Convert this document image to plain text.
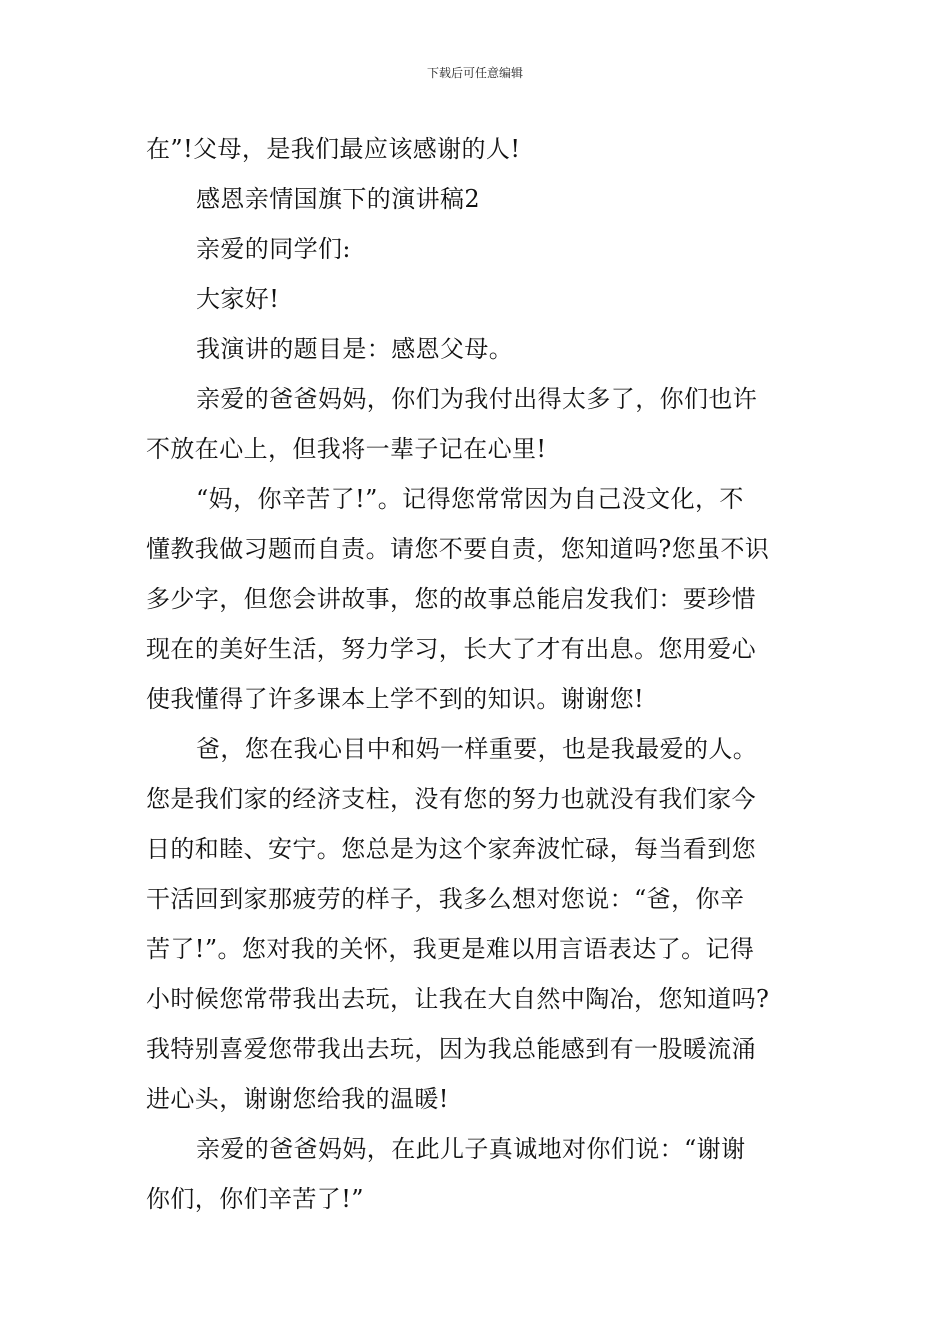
下载后可任意编辑
在”!父母，是我们最应该感谢的人!
感恩亲情国旗下的演讲稿2
亲爱的同学们:
大家好!
我演讲的题目是：感恩父母。
亲爱的爸爸妈妈，你们为我付出得太多了，你们也许
不放在心上，但我将一辈子记在心里!
“妈，你辛苦了!”。记得您常常因为自己没文化，不
懂教我做习题而自责。请您不要自责，您知道吗?您虽不识
多少字，但您会讲故事，您的故事总能启发我们：要珍惜
现在的美好生活，努力学习，长大了才有出息。您用爱心
使我懂得了许多课本上学不到的知识。谢谢您!
爸，您在我心目中和妈一样重要，也是我最爱的人。
您是我们家的经济支柱，没有您的努力也就没有我们家今
日的和睦、安宁。您总是为这个家奔波忙碌，每当看到您
干活回到家那疲劳的样子，我多么想对您说：“爸，你辛
苦了!”。您对我的关怀，我更是难以用言语表达了。记得
小时候您常带我出去玩，让我在大自然中陶冶，您知道吗?
我特别喜爱您带我出去玩，因为我总能感到有一股暖流涌
进心头，谢谢您给我的温暖!
亲爱的爸爸妈妈，在此儿子真诚地对你们说：“谢谢
你们，你们辛苦了!”
